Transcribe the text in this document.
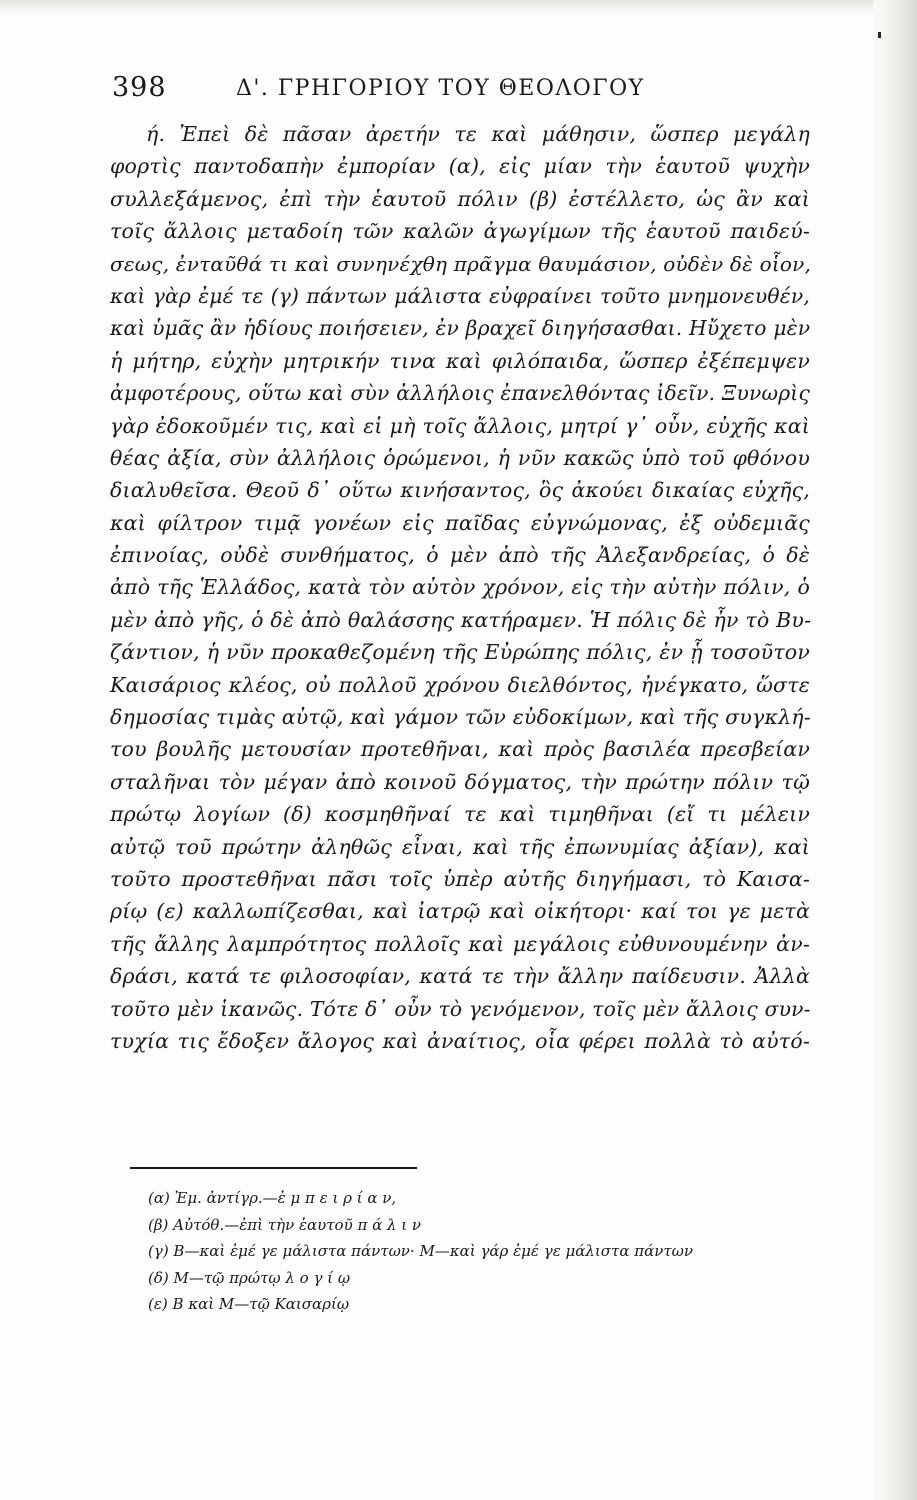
398	Δ'. ΓΡΗΓΟΡΙΟΥ ΤΟΥ ΘΕΟΛΟΓΟΥ
ή. Ἐπεὶ δὲ πᾶσαν ἀρετήν τε καὶ μάθησιν, ὥσπερ μεγάλη
φορτὶς παντοδαπὴν ἐμπορίαν (α), εἰς μίαν τὴν ἑαυτοῦ ψυχὴν
συλλεξάμενος, ἐπὶ τὴν ἑαυτοῦ πόλιν (β) ἐστέλλετο, ὡς ἂν καὶ
τοῖς ἄλλοις μεταδοίη τῶν καλῶν ἀγωγίμων τῆς ἑαυτοῦ παιδεύ-
σεως, ἐνταῦθά τι καὶ συνηνέχθη πρᾶγμα θαυμάσιον, οὐδὲν δὲ οἷον,
καὶ γὰρ ἐμέ τε (γ) πάντων μάλιστα εὐφραίνει τοῦτο μνημονευθέν,
καὶ ὑμᾶς ἂν ἡδίους ποιήσειεν, ἐν βραχεῖ διηγήσασθαι. Ηὔχετο μὲν
ἡ μήτηρ, εὐχὴν μητρικήν τινα καὶ φιλόπαιδα, ὥσπερ ἐξέπεμψεν
ἀμφοτέρους, οὕτω καὶ σὺν ἀλλήλοις ἐπανελθόντας ἰδεῖν. Ξυνωρὶς
γὰρ ἐδοκοῦμέν τις, καὶ εἰ μὴ τοῖς ἄλλοις, μητρί γ᾽ οὖν, εὐχῆς καὶ
θέας ἀξία, σὺν ἀλλήλοις ὁρώμενοι, ἡ νῦν κακῶς ὑπὸ τοῦ φθόνου
διαλυθεῖσα. Θεοῦ δ᾽ οὕτω κινήσαντος, ὃς ἀκούει δικαίας εὐχῆς,
καὶ φίλτρον τιμᾷ γονέων εἰς παῖδας εὐγνώμονας, ἐξ οὐδεμιᾶς
ἐπινοίας, οὐδὲ συνθήματος, ὁ μὲν ἀπὸ τῆς Ἀλεξανδρείας, ὁ δὲ
ἀπὸ τῆς Ἑλλάδος, κατὰ τὸν αὐτὸν χρόνον, εἰς τὴν αὐτὴν πόλιν, ὁ
μὲν ἀπὸ γῆς, ὁ δὲ ἀπὸ θαλάσσης κατήραμεν. Ἡ πόλις δὲ ἦν τὸ Βυ-
ζάντιον, ἡ νῦν προκαθεζομένη τῆς Εὐρώπης πόλις, ἐν ᾗ τοσοῦτον
Καισάριος κλέος, οὐ πολλοῦ χρόνου διελθόντος, ἠνέγκατο, ὥστε
δημοσίας τιμὰς αὐτῷ, καὶ γάμον τῶν εὐδοκίμων, καὶ τῆς συγκλή-
του βουλῆς μετουσίαν προτεθῆναι, καὶ πρὸς βασιλέα πρεσβείαν
σταλῆναι τὸν μέγαν ἀπὸ κοινοῦ δόγματος, τὴν πρώτην πόλιν τῷ
πρώτῳ λογίων (δ) κοσμηθῆναί τε καὶ τιμηθῆναι (εἴ τι μέλειν
αὐτῷ τοῦ πρώτην ἀληθῶς εἶναι, καὶ τῆς ἐπωνυμίας ἀξίαν), καὶ
τοῦτο προστεθῆναι πᾶσι τοῖς ὑπὲρ αὐτῆς διηγήμασι, τὸ Καισα-
ρίῳ (ε) καλλωπίζεσθαι, καὶ ἰατρῷ καὶ οἰκήτορι· καί τοι γε μετὰ
τῆς ἄλλης λαμπρότητος πολλοῖς καὶ μεγάλοις εὐθυνουμένην ἀν-
δράσι, κατά τε φιλοσοφίαν, κατά τε τὴν ἄλλην παίδευσιν. Ἀλλὰ
τοῦτο μὲν ἱκανῶς. Τότε δ᾽ οὖν τὸ γενόμενον, τοῖς μὲν ἄλλοις συν-
τυχία τις ἔδοξεν ἄλογος καὶ ἀναίτιος, οἷα φέρει πολλὰ τὸ αὐτό-
(α) Ἐμ. ἀντίγρ.—ἐ μ π ε ι ρ ί α ν,
(β) Αὐτόθ.—ἐπὶ τὴν ἑαυτοῦ π ά λ ι ν
(γ) Β—καὶ ἐμέ γε μάλιστα πάντων· Μ—καὶ γάρ ἐμέ γε μάλιστα πάντων
(δ) Μ—τῷ πρώτῳ λ ο γ ί ῳ
(ε) Β καὶ Μ—τῷ Καισαρίῳ
